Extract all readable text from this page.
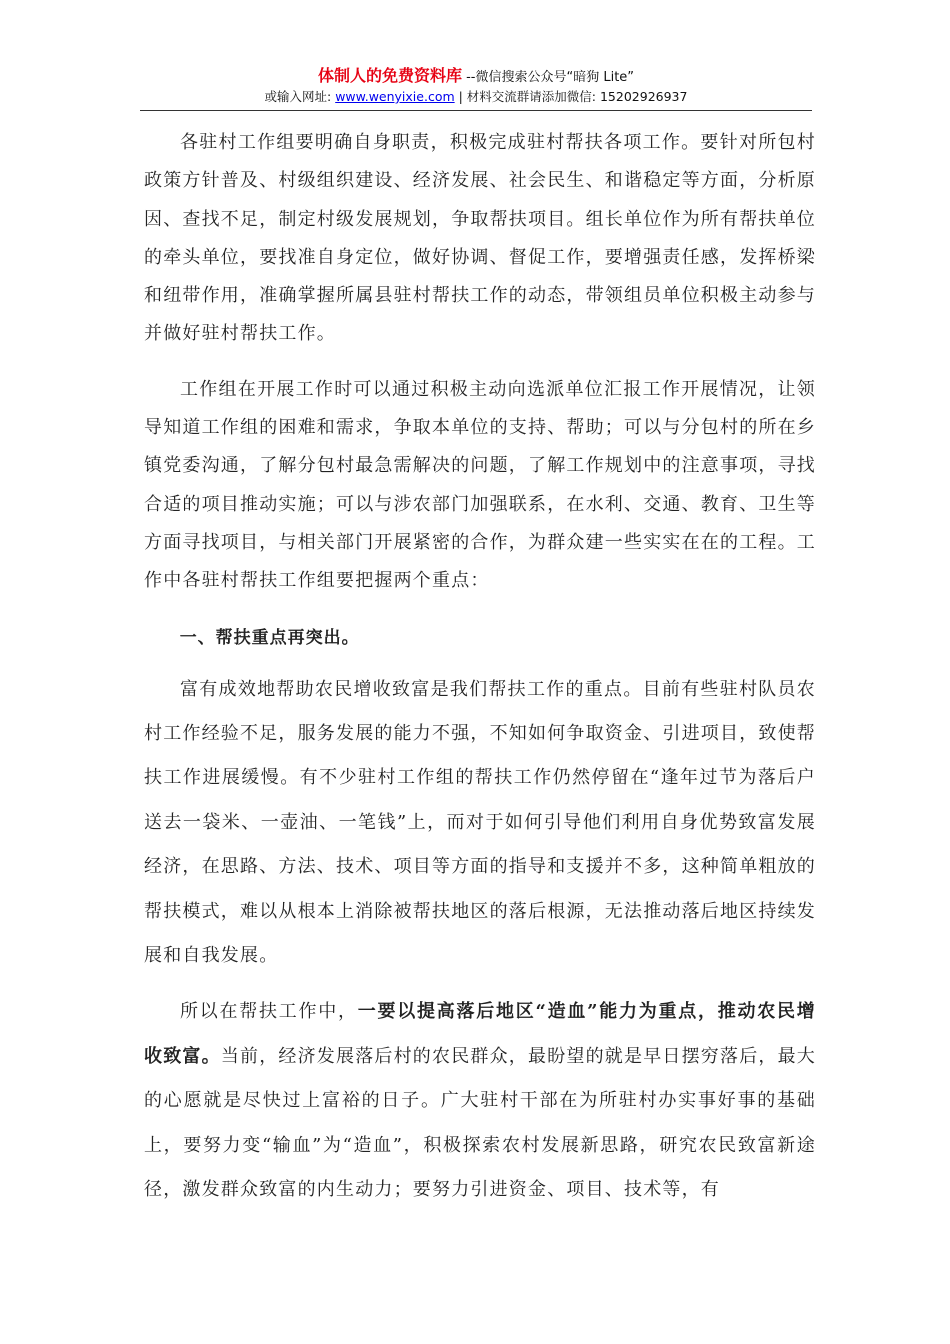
体制人的免费资料库 --微信搜索公众号“暗狗 Lite”
或输入网址: www.wenyixie.com | 材料交流群请添加微信: 15202926937

各驻村工作组要明确自身职责，积极完成驻村帮扶各项工作。要针对所包村政策方针普及、村级组织建设、经济发展、社会民生、和谐稳定等方面，分析原因、查找不足，制定村级发展规划，争取帮扶项目。组长单位作为所有帮扶单位的牵头单位，要找准自身定位，做好协调、督促工作，要增强责任感，发挥桥梁和纽带作用，准确掌握所属县驻村帮扶工作的动态，带领组员单位积极主动参与并做好驻村帮扶工作。

工作组在开展工作时可以通过积极主动向选派单位汇报工作开展情况，让领导知道工作组的困难和需求，争取本单位的支持、帮助；可以与分包村的所在乡镇党委沟通，了解分包村最急需解决的问题，了解工作规划中的注意事项，寻找合适的项目推动实施；可以与涉农部门加强联系，在水利、交通、教育、卫生等方面寻找项目，与相关部门开展紧密的合作，为群众建一些实实在在的工程。工作中各驻村帮扶工作组要把握两个重点：

一、帮扶重点再突出。

富有成效地帮助农民增收致富是我们帮扶工作的重点。目前有些驻村队员农村工作经验不足，服务发展的能力不强，不知如何争取资金、引进项目，致使帮扶工作进展缓慢。有不少驻村工作组的帮扶工作仍然停留在“逢年过节为落后户送去一袋米、一壶油、一笔钱”上，而对于如何引导他们利用自身优势致富发展经济，在思路、方法、技术、项目等方面的指导和支援并不多，这种简单粗放的帮扶模式，难以从根本上消除被帮扶地区的落后根源，无法推动落后地区持续发展和自我发展。

所以在帮扶工作中，一要以提高落后地区“造血”能力为重点，推动农民增收致富。当前，经济发展落后村的农民群众，最盼望的就是早日摆穷落后，最大的心愿就是尽快过上富裕的日子。广大驻村干部在为所驻村办实事好事的基础上，要努力变“输血”为“造血”，积极探索农村发展新思路，研究农民致富新途径，激发群众致富的内生动力；要努力引进资金、项目、技术等，有
